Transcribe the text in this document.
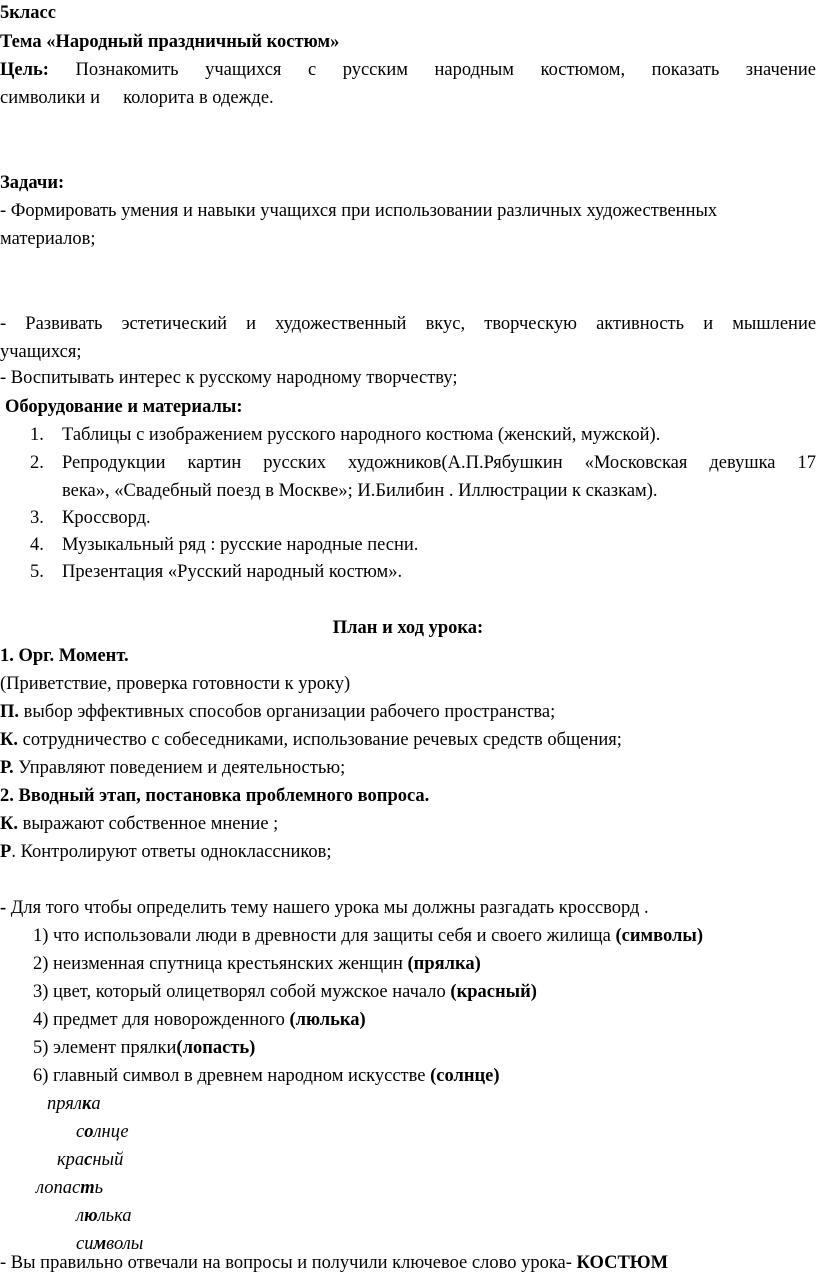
5класс
Тема «Народный праздничный костюм»
Цель: Познакомить учащихся с русским народным костюмом, показать значение
символики и     колорита в одежде.
Задачи:
- Формировать умения и навыки учащихся при использовании различных художественных
материалов;
- Развивать эстетический и художественный вкус, творческую активность и мышление
учащихся;
- Воспитывать интерес к русскому народному творчеству;
Оборудование и материалы:
1. Таблицы с изображением русского народного костюма (женский, мужской).
2. Репродукции картин русских художников(А.П.Рябушкин «Московская девушка 17
века», «Свадебный поезд в Москве»; И.Билибин . Иллюстрации к сказкам).
3. Кроссворд.
4. Музыкальный ряд : русские народные песни.
5. Презентация «Русский народный костюм».
План и ход урока:
1. Орг. Момент.
(Приветствие, проверка готовности к уроку)
П. выбор эффективных способов организации рабочего пространства;
К. сотрудничество с собеседниками, использование речевых средств общения;
Р. Управляют поведением и деятельностью;
2. Вводный этап, постановка проблемного вопроса.
К. выражают собственное мнение ;
Р. Контролируют ответы одноклассников;
- Для того чтобы определить тему нашего урока мы должны разгадать кроссворд .
1) что использовали люди в древности для защиты себя и своего жилища (символы)
2) неизменная спутница крестьянских женщин (прялка)
3) цвет, который олицетворял собой мужское начало (красный)
4) предмет для новорожденного (люлька)
5) элемент прялки(лопасть)
6) главный символ в древнем народном искусстве (солнце)
прялка
солнце
красный
лопасть
люлька
символы
- Вы правильно отвечали на вопросы и получили ключевое слово урока- КОСТЮМ
